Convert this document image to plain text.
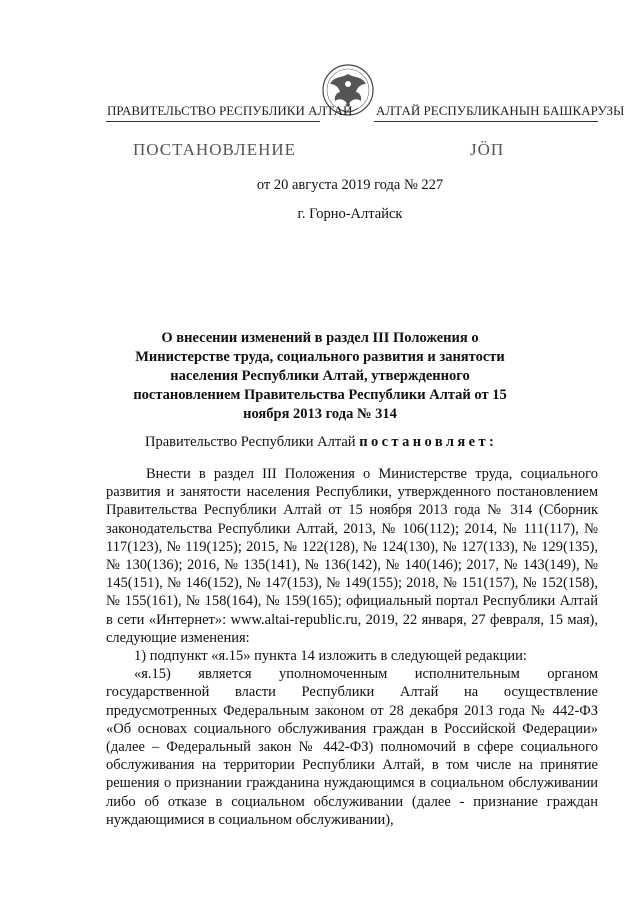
ПРАВИТЕЛЬСТВО РЕСПУБЛИКИ АЛТАЙ АЛТАЙ РЕСПУБЛИКАНЫН БАШКАРУЗЫ
ПОСТАНОВЛЕНИЕ	JÖП
от 20 августа 2019 года № 227
г. Горно-Алтайск
О внесении изменений в раздел III Положения о Министерстве труда, социального развития и занятости населения Республики Алтай, утвержденного постановлением Правительства Республики Алтай от 15 ноября 2013 года № 314
Правительство Республики Алтай постановляет:

Внести в раздел III Положения о Министерстве труда, социального развития и занятости населения Республики, утвержденного постановлением Правительства Республики Алтай от 15 ноября 2013 года № 314 (Сборник законодательства Республики Алтай, 2013, № 106(112); 2014, № 111(117), № 117(123), № 119(125); 2015, № 122(128), № 124(130), № 127(133), № 129(135), № 130(136); 2016, № 135(141), № 136(142), № 140(146); 2017, № 143(149), № 145(151), № 146(152), № 147(153), № 149(155); 2018, № 151(157), № 152(158), № 155(161), № 158(164), № 159(165); официальный портал Республики Алтай в сети «Интернет»: www.altai-republic.ru, 2019, 22 января, 27 февраля, 15 мая), следующие изменения:

1) подпункт «я.15» пункта 14 изложить в следующей редакции:

«я.15) является уполномоченным исполнительным органом государственной власти Республики Алтай на осуществление предусмотренных Федеральным законом от 28 декабря 2013 года № 442-ФЗ «Об основах социального обслуживания граждан в Российской Федерации» (далее – Федеральный закон № 442-ФЗ) полномочий в сфере социального обслуживания на территории Республики Алтай, в том числе на принятие решения о признании гражданина нуждающимся в социальном обслуживании либо об отказе в социальном обслуживании (далее - признание граждан нуждающимися в социальном обслуживании),
